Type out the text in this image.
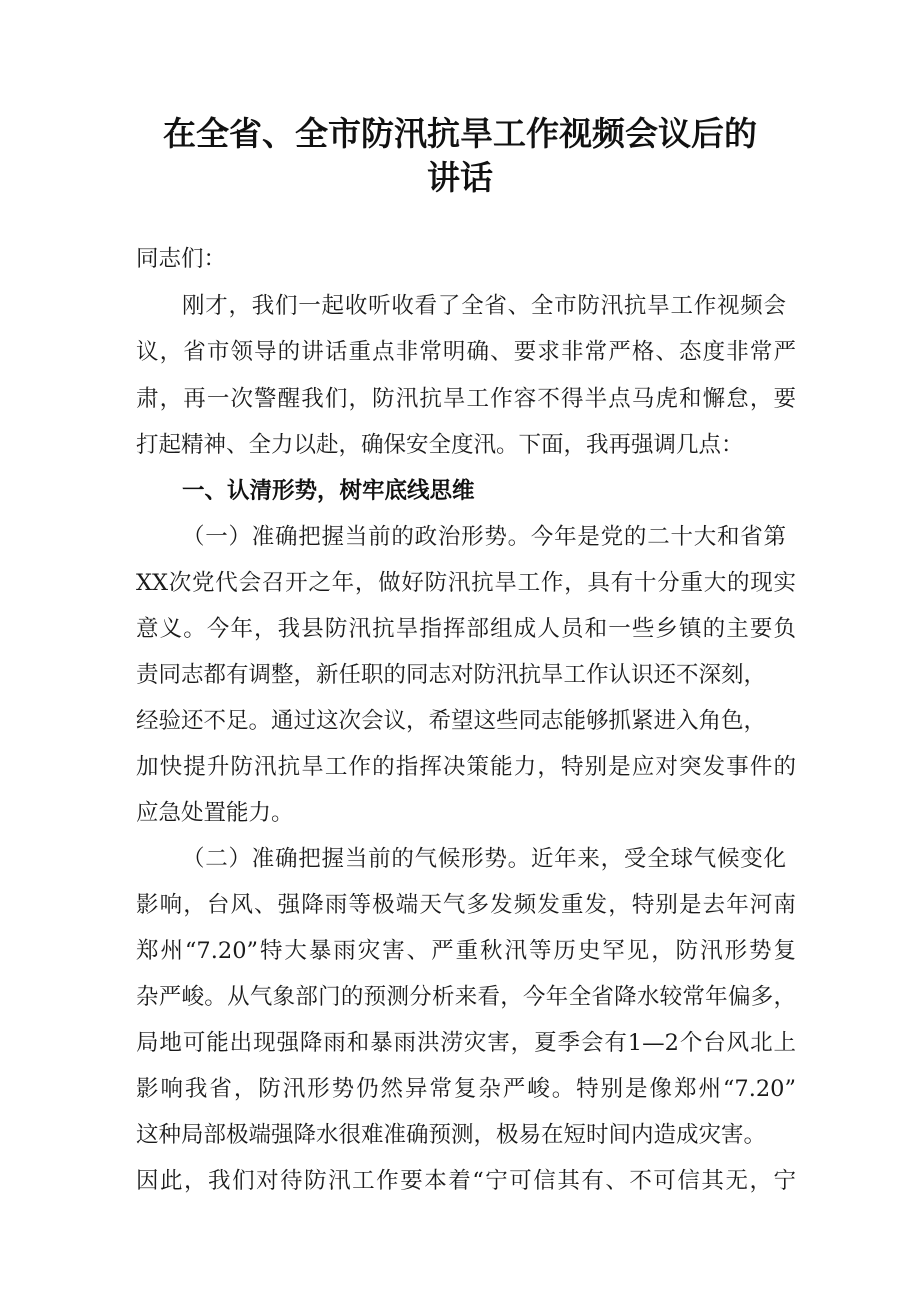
在全省、全市防汛抗旱工作视频会议后的
讲话
同志们：
刚才，我们一起收听收看了全省、全市防汛抗旱工作视频会
议，省市领导的讲话重点非常明确、要求非常严格、态度非常严
肃，再一次警醒我们，防汛抗旱工作容不得半点马虎和懈怠，要
打起精神、全力以赴，确保安全度汛。下面，我再强调几点：
一、认清形势，树牢底线思维
（一）准确把握当前的政治形势。今年是党的二十大和省第
XX次党代会召开之年，做好防汛抗旱工作，具有十分重大的现实
意义。今年，我县防汛抗旱指挥部组成人员和一些乡镇的主要负
责同志都有调整，新任职的同志对防汛抗旱工作认识还不深刻，
经验还不足。通过这次会议，希望这些同志能够抓紧进入角色，
加快提升防汛抗旱工作的指挥决策能力，特别是应对突发事件的
应急处置能力。
（二）准确把握当前的气候形势。近年来，受全球气候变化
影响，台风、强降雨等极端天气多发频发重发，特别是去年河南
郑州“7.20”特大暴雨灾害、严重秋汛等历史罕见，防汛形势复
杂严峻。从气象部门的预测分析来看，今年全省降水较常年偏多，
局地可能出现强降雨和暴雨洪涝灾害，夏季会有1—2个台风北上
影响我省，防汛形势仍然异常复杂严峻。特别是像郑州“7.20”
这种局部极端强降水很难准确预测，极易在短时间内造成灾害。
因此，我们对待防汛工作要本着“宁可信其有、不可信其无，宁
